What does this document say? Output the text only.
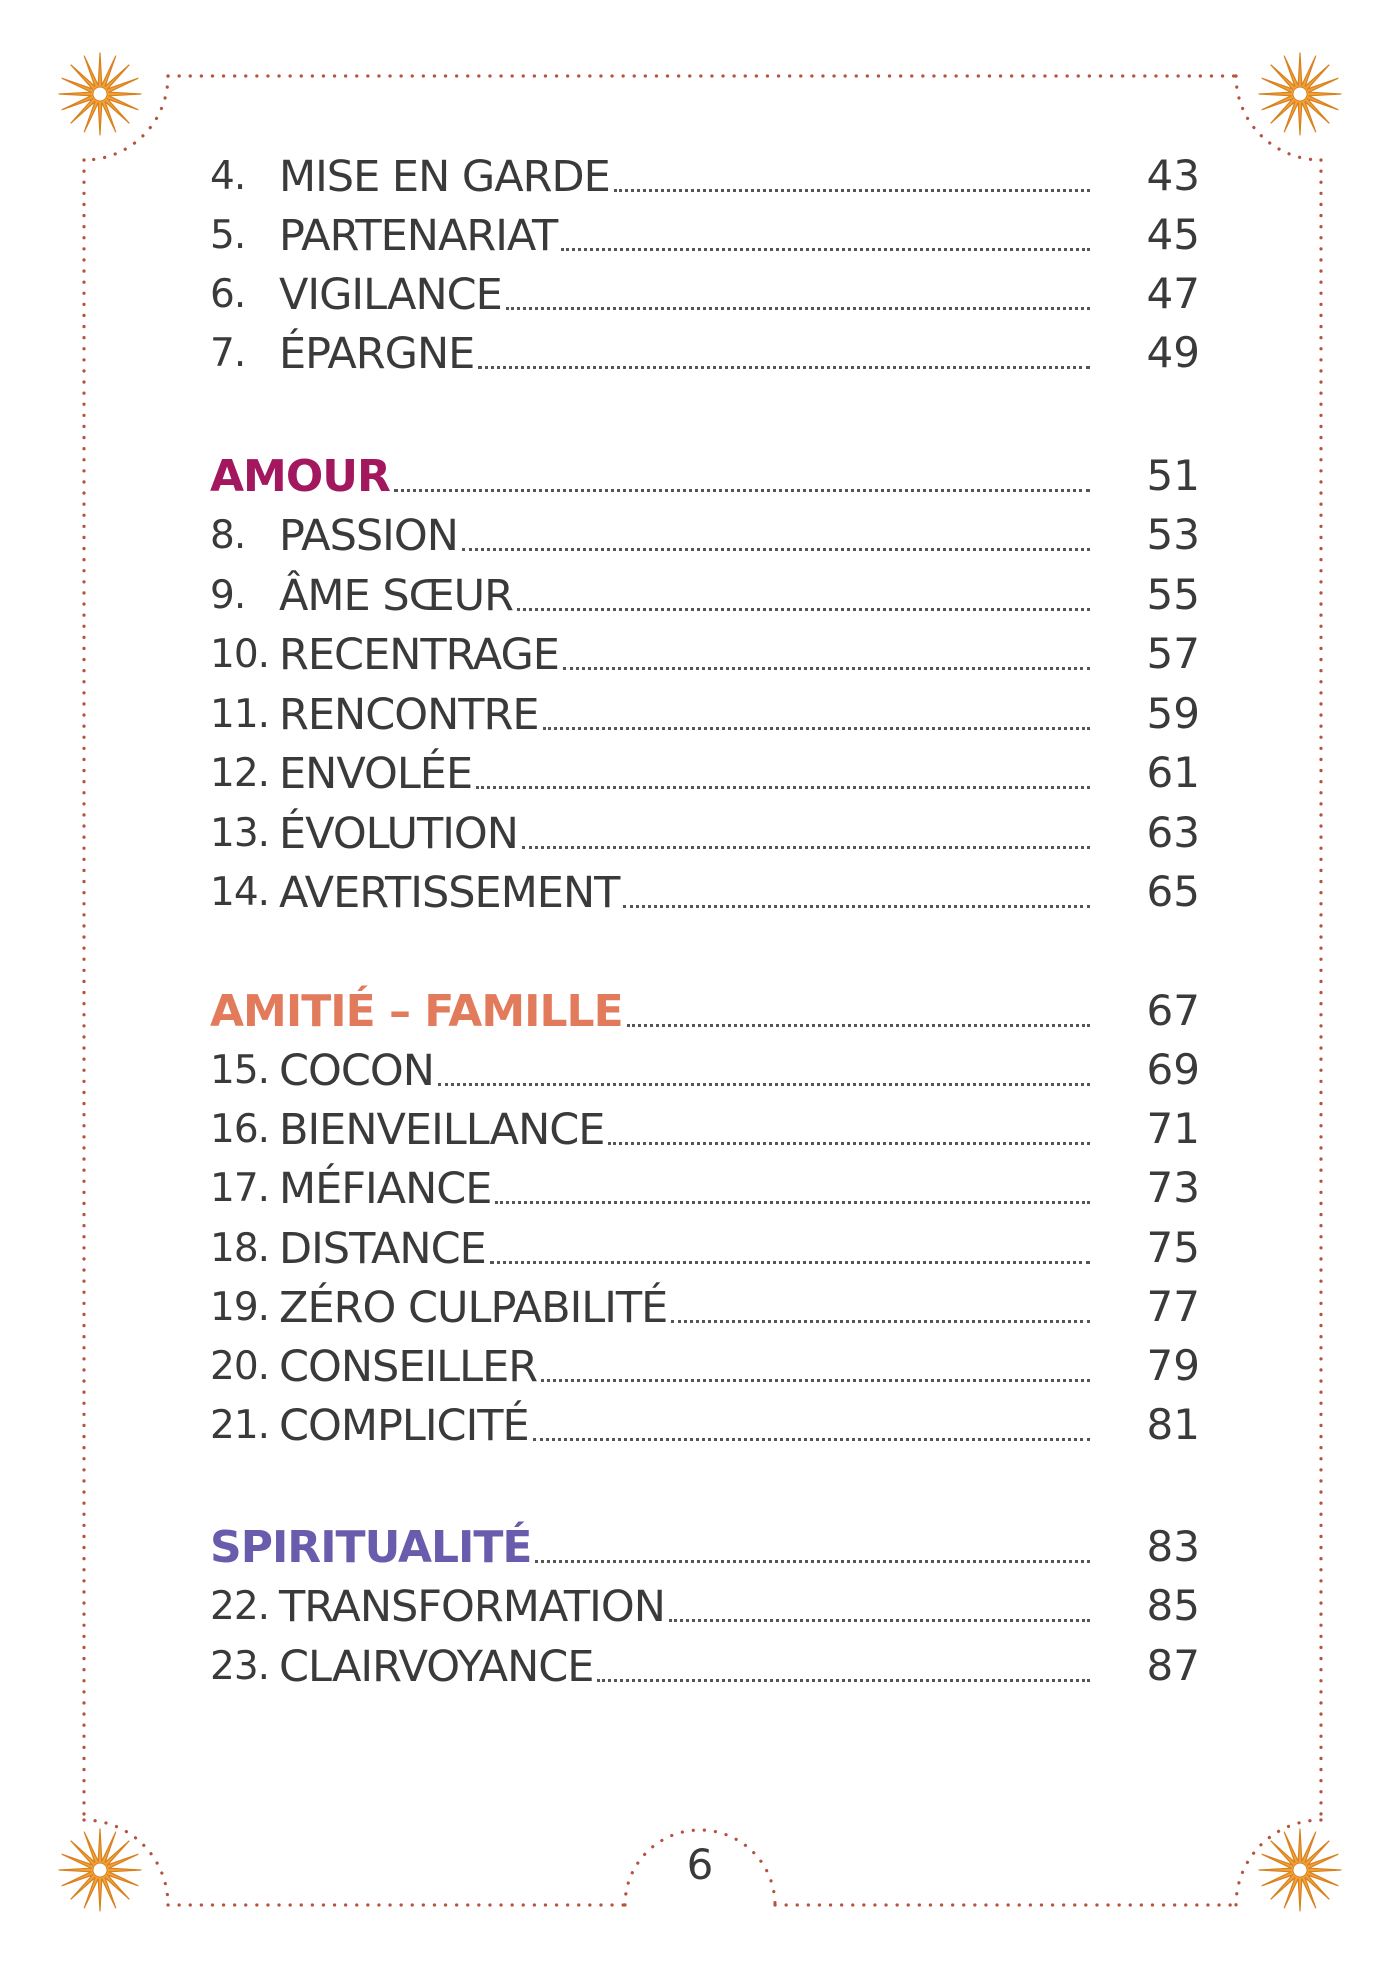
4. MISE EN GARDE	43
5. PARTENARIAT	45
6. VIGILANCE	47
7. ÉPARGNE	49
AMOUR	51
8. PASSION	53
9. ÂME SŒUR	55
10. RECENTRAGE	57
11. RENCONTRE	59
12. ENVOLÉE	61
13. ÉVOLUTION	63
14. AVERTISSEMENT	65
AMITIÉ – FAMILLE	67
15. COCON	69
16. BIENVEILLANCE	71
17. MÉFIANCE	73
18. DISTANCE	75
19. ZÉRO CULPABILITÉ	77
20. CONSEILLER	79
21. COMPLICITÉ	81
SPIRITUALITÉ	83
22. TRANSFORMATION	85
23. CLAIRVOYANCE	87
6
